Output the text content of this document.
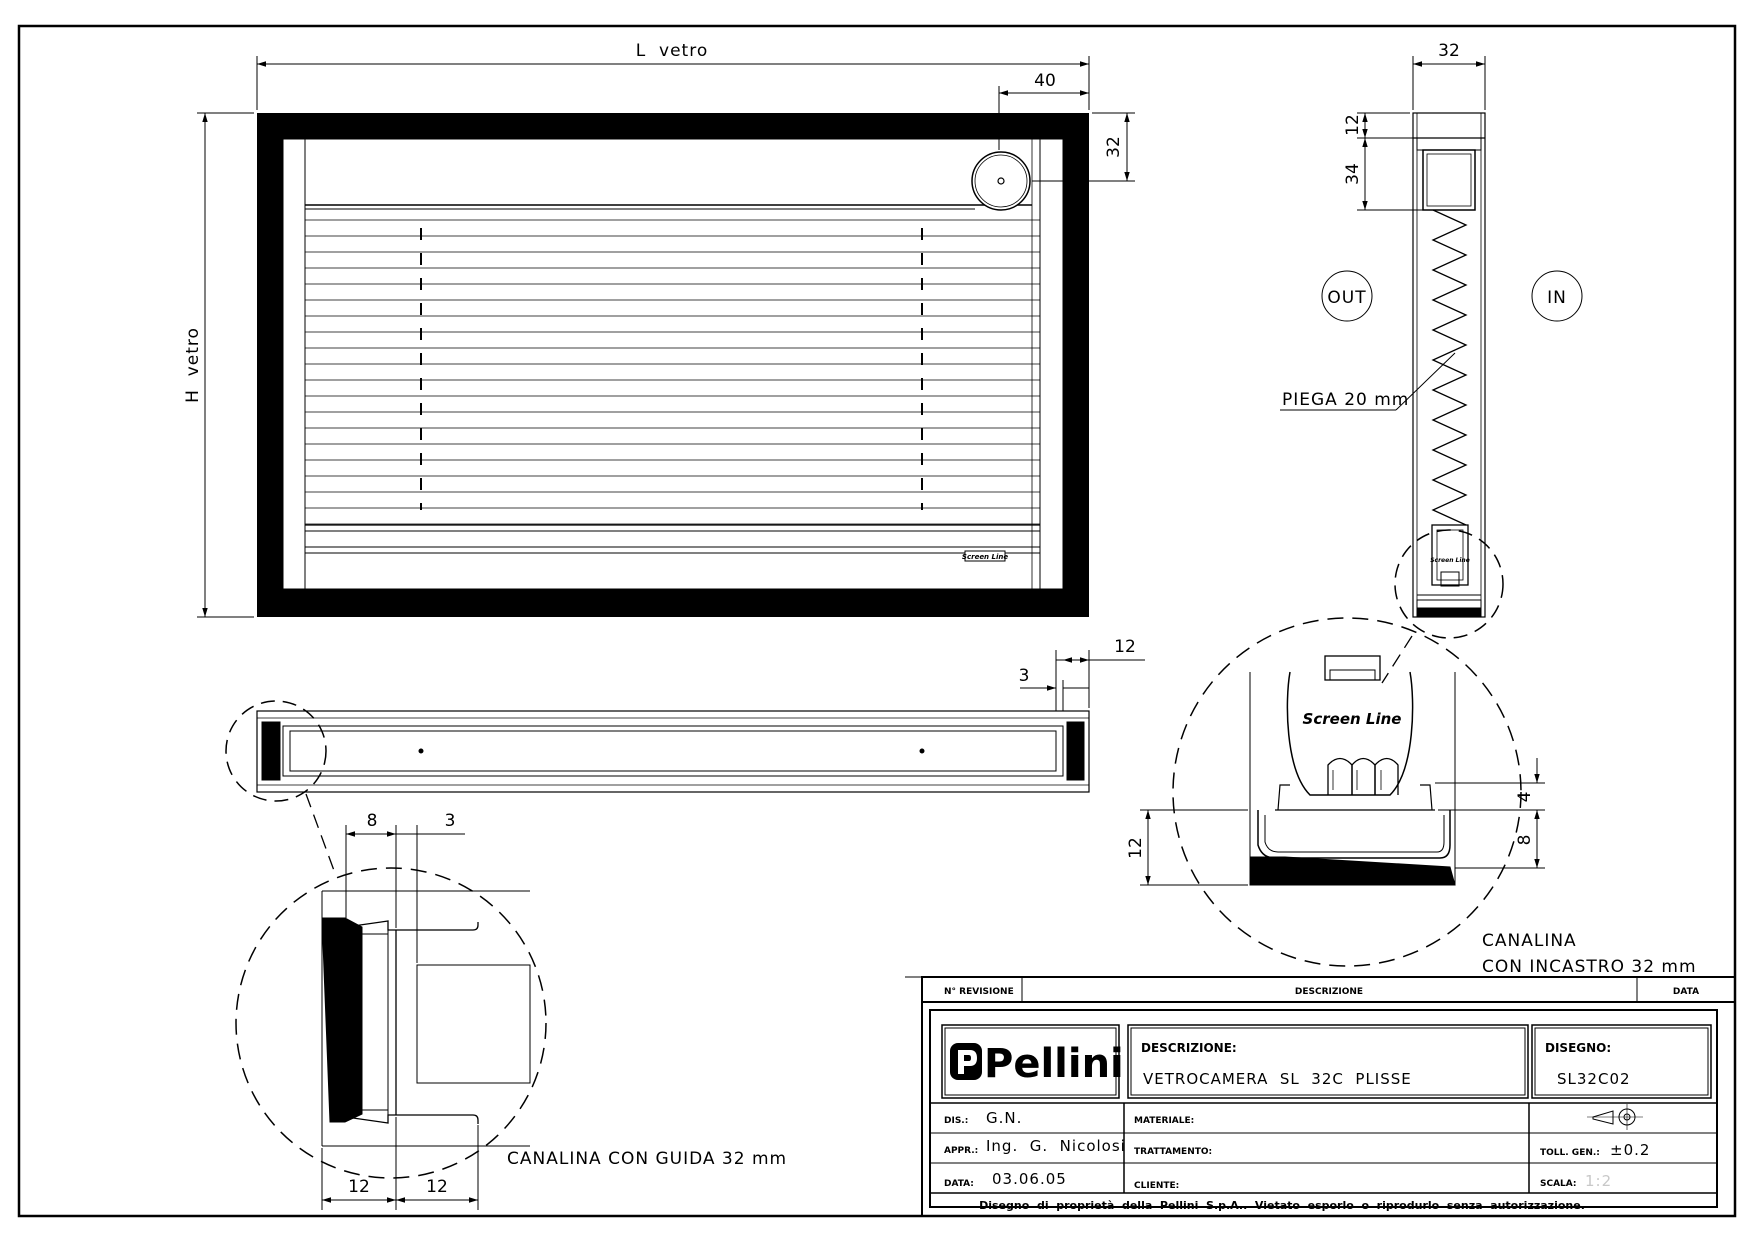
Screen Line
L  vetro
40
32
H  vetro
Screen Line
OUT	IN
PIEGA 20 mm
32
12
34
12
3
8	3
12	12
CANALINA CON GUIDA 32 mm
Screen Line
12
4
8
CANALINA
CON INCASTRO 32 mm
Pellini
N° REVISIONE	DESCRIZIONE	DATA
DESCRIZIONE:
VETROCAMERA  SL  32C  PLISSE
DISEGNO:
SL32C02
DIS.: G.N.
APPR.: Ing.  G.  Nicolosi
DATA: 03.06.05
MATERIALE:
TRATTAMENTO:
CLIENTE:
TOLL. GEN.: ±0.2
SCALA: 1:2
Disegno  di  proprietà  della  Pellini  S.p.A..  Vietato  esporlo  o  riprodurlo  senza  autorizzazione.
